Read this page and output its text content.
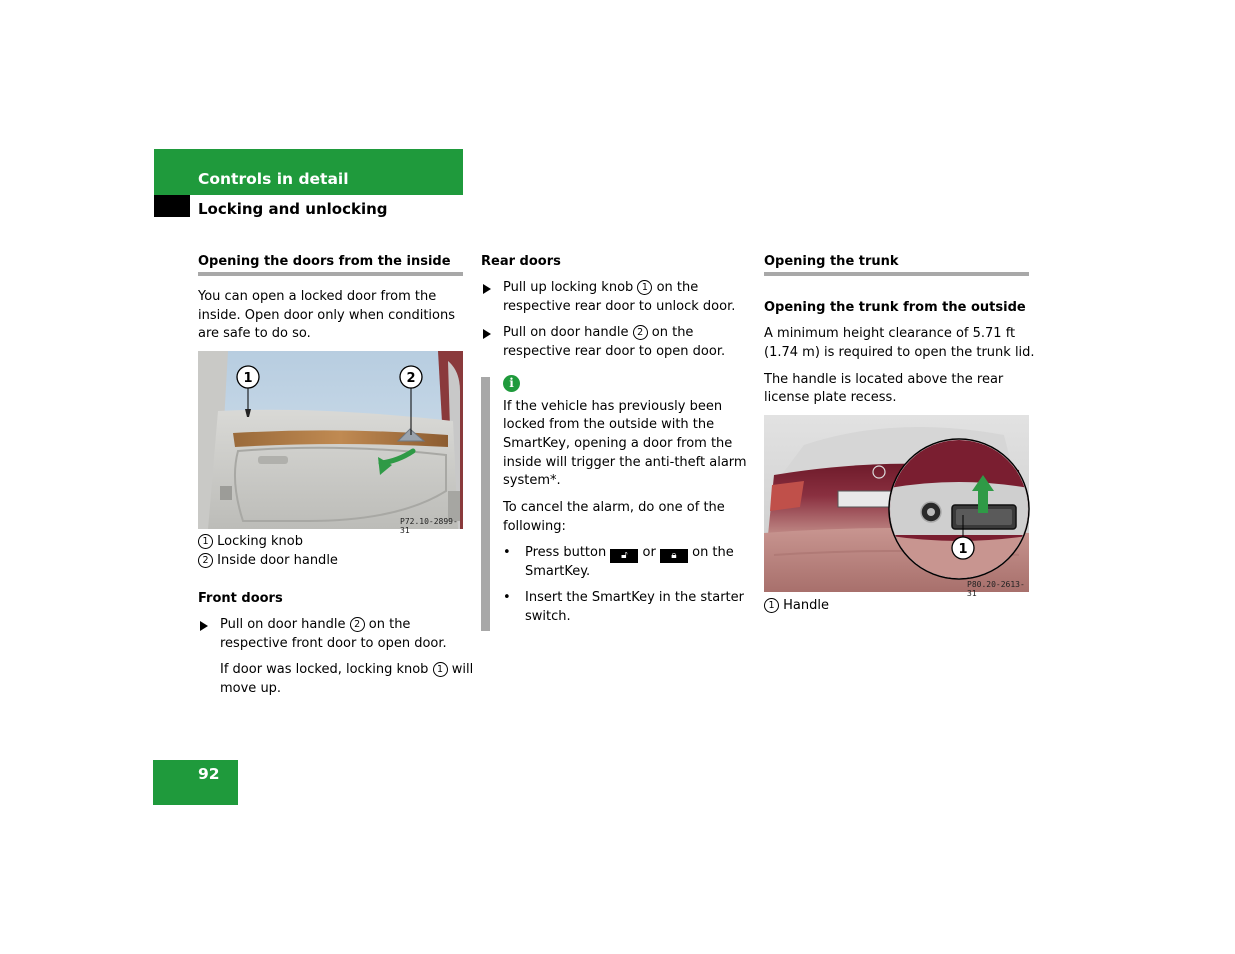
Controls in detail
Locking and unlocking
Opening the doors from the inside

You can open a locked door from the

inside. Open door only when conditions

are safe to do so.

1	2
P72.10-2899-31

1 Locking knob

2 Inside door handle

Front doors

Pull on door handle 2 on the

respective front door to open door.

If door was locked, locking knob 1 will

move up.

Rear doors

Pull up locking knob 1 on the

respective rear door to unlock door.

Pull on door handle 2 on the

respective rear door to open door.

i

If the vehicle has previously been

locked from the outside with the

SmartKey, opening a door from the

inside will trigger the anti-theft alarm

system*.

To cancel the alarm, do one of the

following:

• Press button 🔓︎ or 🔒︎ on the

SmartKey.

• Insert the SmartKey in the starter

switch.

Opening the trunk
Opening the trunk from the outside

A minimum height clearance of 5.71 ft

(1.74 m) is required to open the trunk lid.

The handle is located above the rear

license plate recess.

1
P80.20-2613-31

1 Handle

92
